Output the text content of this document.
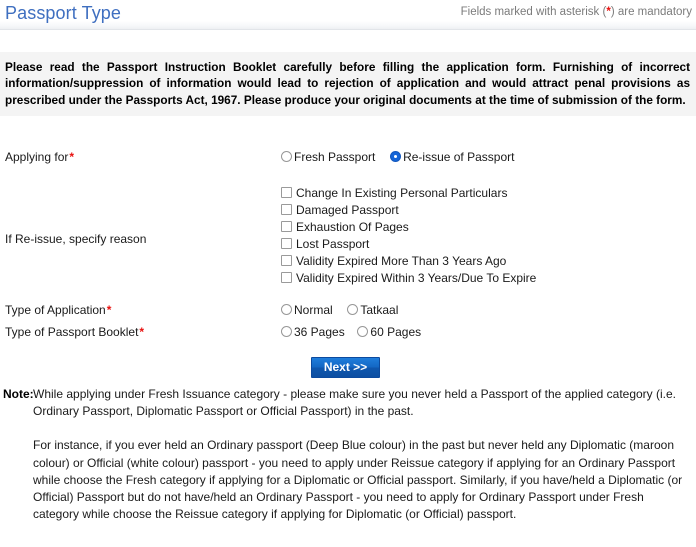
Passport Type	Fields marked with asterisk (*) are mandatory
Please read the Passport Instruction Booklet carefully before filling the application form. Furnishing of incorrect information/suppression of information would lead to rejection of application and would attract penal provisions as prescribed under the Passports Act, 1967. Please produce your original documents at the time of submission of the form.
Applying for*	Fresh Passport Re-issue of Passport
If Re-issue, specify reason
Change In Existing Personal Particulars
Damaged Passport
Exhaustion Of Pages
Lost Passport
Validity Expired More Than 3 Years Ago
Validity Expired Within 3 Years/Due To Expire
Type of Application*	Normal Tatkaal
Type of Passport Booklet*	36 Pages 60 Pages
Next >>
Note: While applying under Fresh Issuance category - please make sure you never held a Passport of the applied category (i.e. Ordinary Passport, Diplomatic Passport or Official Passport) in the past.

For instance, if you ever held an Ordinary passport (Deep Blue colour) in the past but never held any Diplomatic (maroon colour) or Official (white colour) passport - you need to apply under Reissue category if applying for an Ordinary Passport while choose the Fresh category if applying for a Diplomatic or Official passport. Similarly, if you have/held a Diplomatic (or Official) Passport but do not have/held an Ordinary Passport - you need to apply for Ordinary Passport under Fresh category while choose the Reissue category if applying for Diplomatic (or Official) passport.
